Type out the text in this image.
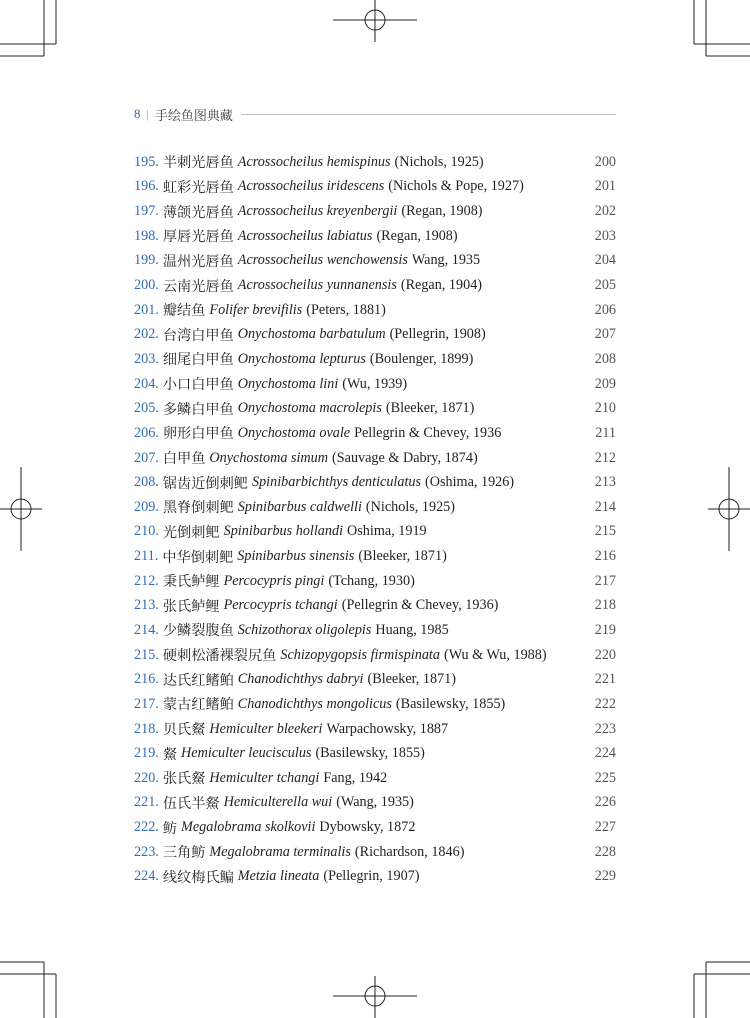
8 | 手绘鱼图典藏
195. 半刺光唇鱼 Acrossocheilus hemispinus (Nichols, 1925)	200
196. 虹彩光唇鱼 Acrossocheilus iridescens (Nichols & Pope, 1927)	201
197. 薄颌光唇鱼 Acrossocheilus kreyenbergii (Regan, 1908)	202
198. 厚唇光唇鱼 Acrossocheilus labiatus (Regan, 1908)	203
199. 温州光唇鱼 Acrossocheilus wenchowensis Wang, 1935	204
200. 云南光唇鱼 Acrossocheilus yunnanensis (Regan, 1904)	205
201. 瓣结鱼 Folifer brevifilis (Peters, 1881)	206
202. 台湾白甲鱼 Onychostoma barbatulum (Pellegrin, 1908)	207
203. 细尾白甲鱼 Onychostoma lepturus (Boulenger, 1899)	208
204. 小口白甲鱼 Onychostoma lini (Wu, 1939)	209
205. 多鳞白甲鱼 Onychostoma macrolepis (Bleeker, 1871)	210
206. 卵形白甲鱼 Onychostoma ovale Pellegrin & Chevey, 1936	211
207. 白甲鱼 Onychostoma simum (Sauvage & Dabry, 1874)	212
208. 锯齿近倒刺鲃 Spinibarbichthys denticulatus (Oshima, 1926)	213
209. 黑脊倒刺鲃 Spinibarbus caldwelli (Nichols, 1925)	214
210. 光倒刺鲃 Spinibarbus hollandi Oshima, 1919	215
211. 中华倒刺鲃 Spinibarbus sinensis (Bleeker, 1871)	216
212. 秉氏鲈鲤 Percocypris pingi (Tchang, 1930)	217
213. 张氏鲈鲤 Percocypris tchangi (Pellegrin & Chevey, 1936)	218
214. 少鳞裂腹鱼 Schizothorax oligolepis Huang, 1985	219
215. 硬刺松潘裸裂尻鱼 Schizopygopsis firmispinata (Wu & Wu, 1988)	220
216. 达氏红鳍鲌 Chanodichthys dabryi (Bleeker, 1871)	221
217. 蒙古红鳍鲌 Chanodichthys mongolicus (Basilewsky, 1855)	222
218. 贝氏䱗 Hemiculter bleekeri Warpachowsky, 1887	223
219. 䱗 Hemiculter leucisculus (Basilewsky, 1855)	224
220. 张氏䱗 Hemiculter tchangi Fang, 1942	225
221. 伍氏半䱗 Hemiculterella wui (Wang, 1935)	226
222. 鲂 Megalobrama skolkovii Dybowsky, 1872	227
223. 三角鲂 Megalobrama terminalis (Richardson, 1846)	228
224. 线纹梅氏鳊 Metzia lineata (Pellegrin, 1907)	229
